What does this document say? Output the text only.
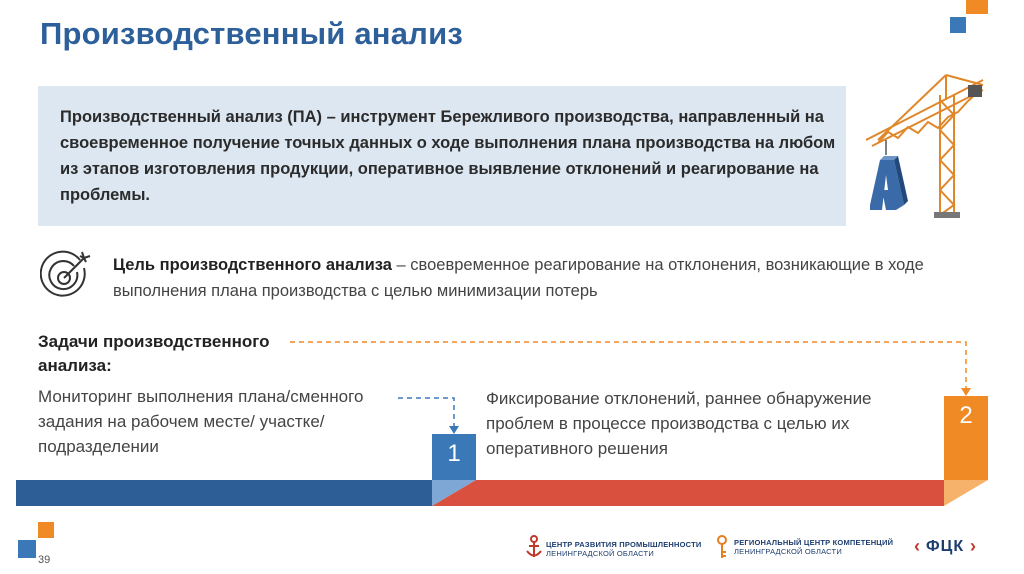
Производственный анализ
Производственный анализ (ПА) – инструмент Бережливого производства, направленный на своевременное получение точных данных о ходе выполнения плана производства на любом из этапов изготовления продукции, оперативное выявление отклонений и реагирование на проблемы.
Цель производственного анализа – своевременное реагирование на отклонения, возникающие в ходе выполнения плана производства с целью минимизации потерь
Задачи производственного анализа:
Мониторинг выполнения плана/сменного задания на рабочем месте/ участке/подразделении
Фиксирование отклонений, раннее обнаружение проблем в процессе производства с целью их оперативного решения
1
2
39
ЦЕНТР РАЗВИТИЯ ПРОМЫШЛЕННОСТИ
ЛЕНИНГРАДСКОЙ ОБЛАСТИ
РЕГИОНАЛЬНЫЙ ЦЕНТР КОМПЕТЕНЦИЙ
ЛЕНИНГРАДСКОЙ ОБЛАСТИ	‹ ФЦК ›
